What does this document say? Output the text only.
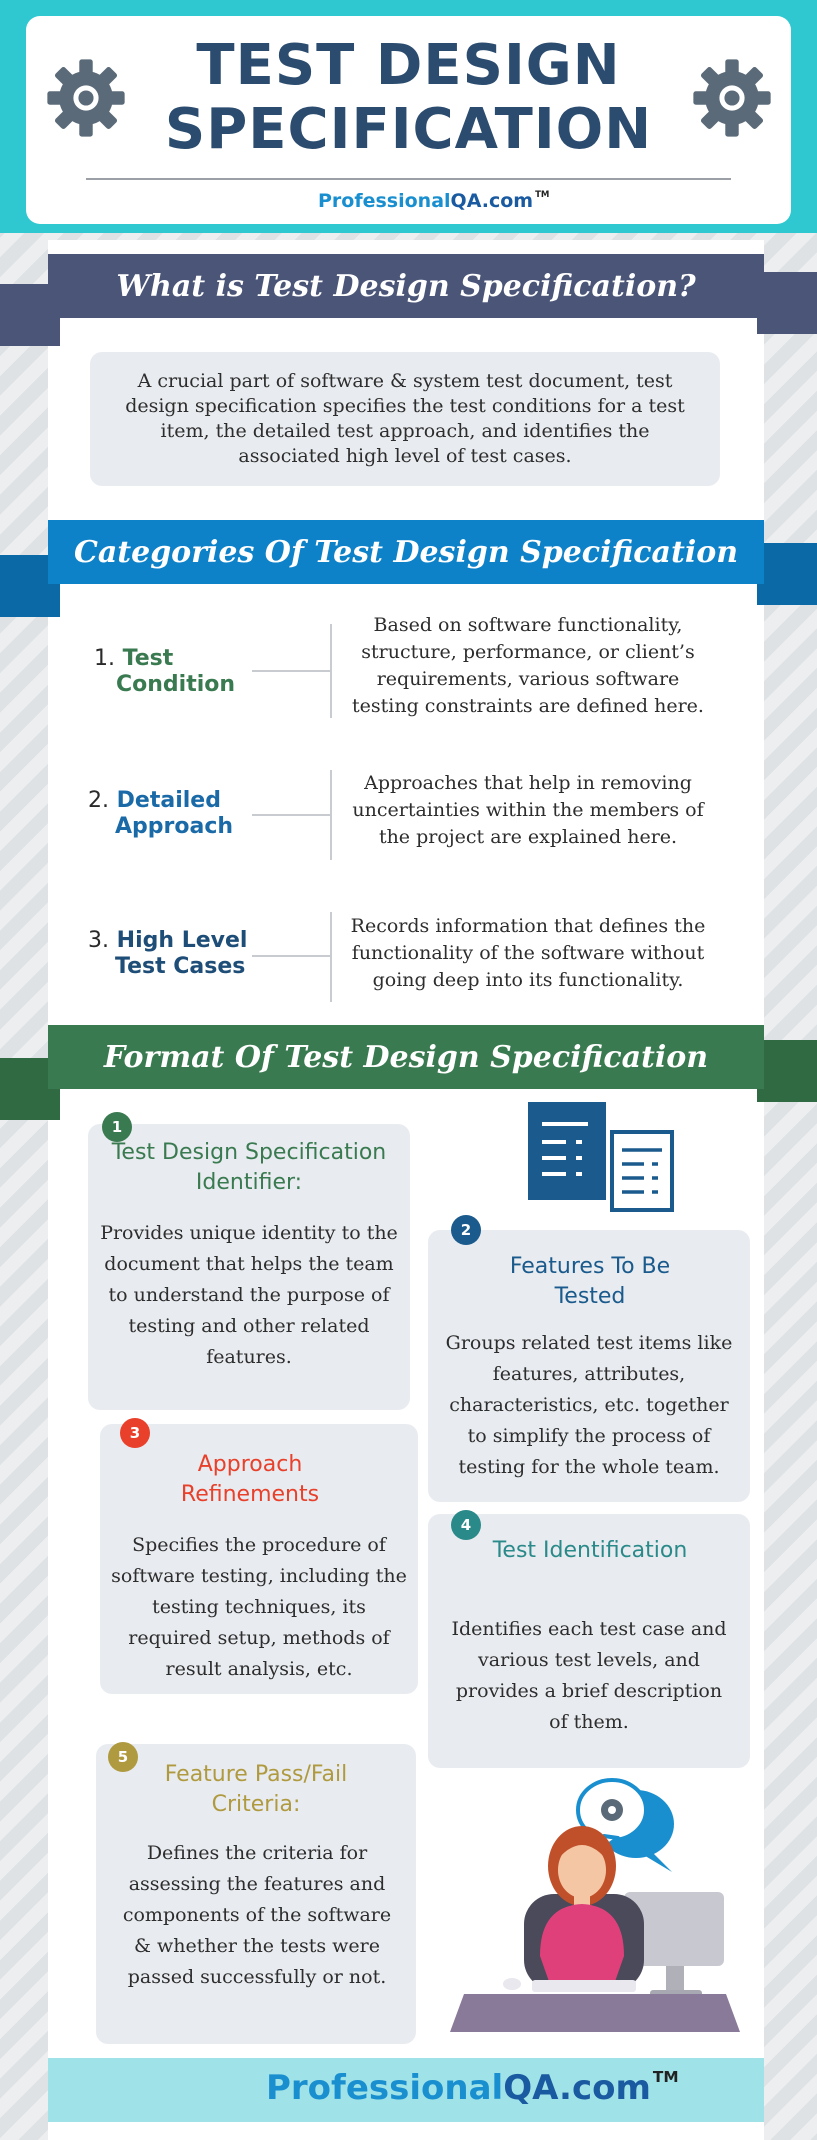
TEST DESIGN
SPECIFICATION
Professional QA.com™
What is Test Design Specification?
A crucial part of software & system test document, test design specification specifies the test conditions for a test item, the detailed test approach, and identifies the associated high level of test cases.
Categories Of Test Design Specification
1. Test
Condition
Based on software functionality, structure, performance, or client’s requirements, various software testing constraints are defined here.
2. Detailed
Approach
Approaches that help in removing uncertainties within the members of the project are explained here.
3. High Level
Test Cases
Records information that defines the functionality of the software without going deep into its functionality.
Format Of Test Design Specification
1
Test Design Specification Identifier:
Provides unique identity to the document that helps the team to understand the purpose of testing and other related features.
2
Features To Be Tested
Groups related test items like features, attributes, characteristics, etc. together to simplify the process of testing for the whole team.
3
Approach Refinements
Specifies the procedure of software testing, including the testing techniques, its required setup, methods of result analysis, etc.
4
Test Identification
Identifies each test case and various test levels, and provides a brief description of them.
5
Feature Pass/Fail Criteria:
Defines the criteria for assessing the features and components of the software & whether the tests were passed successfully or not.
Professional QA.com™
